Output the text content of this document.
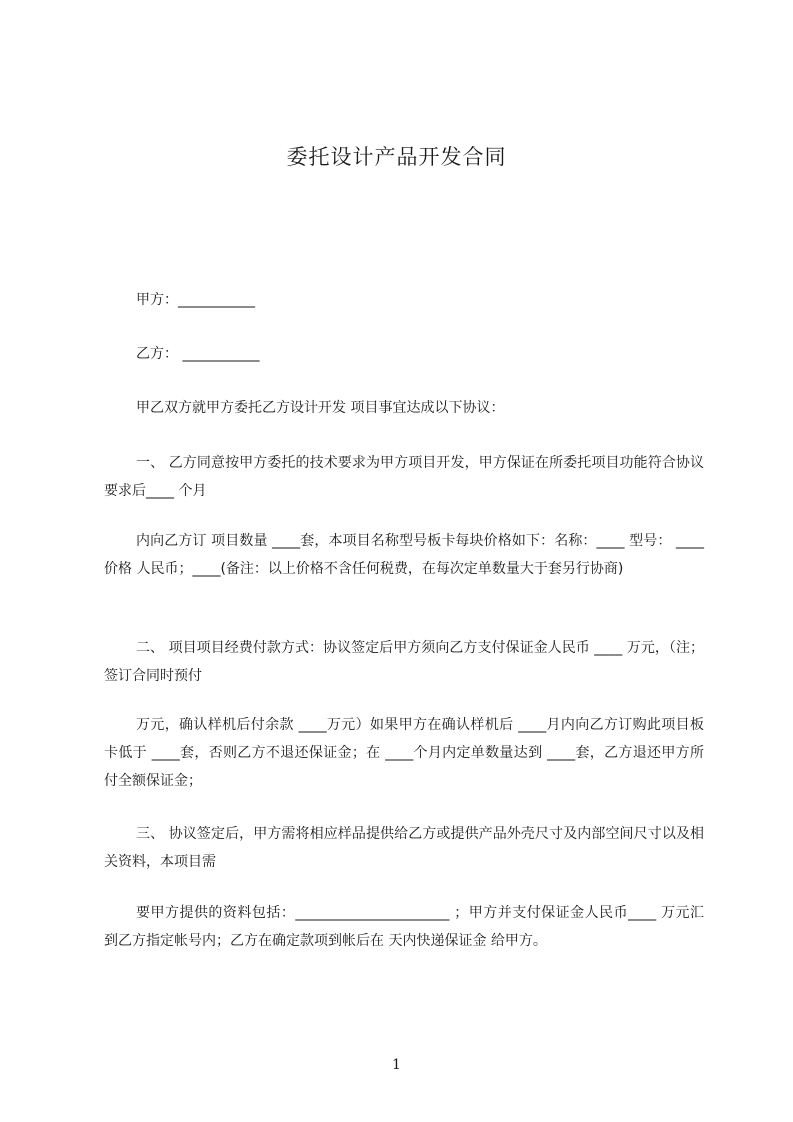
委托设计产品开发合同
甲方：___________
乙方： ___________
甲乙双方就甲方委托乙方设计开发 项目事宜达成以下协议：
一、 乙方同意按甲方委托的技术要求为甲方项目开发，甲方保证在所委托项目功能符合协议要求后____ 个月
内向乙方订 项目数量 ____套，本项目名称型号板卡每块价格如下：名称：____ 型号： ____价格 人民币；____(备注：以上价格不含任何税费，在每次定单数量大于套另行协商)
二、 项目项目经费付款方式：协议签定后甲方须向乙方支付保证金人民币 ____ 万元，（注；签订合同时预付
万元，确认样机后付余款 ____万元）如果甲方在确认样机后 ____月内向乙方订购此项目板卡低于 ____套，否则乙方不退还保证金；在 ____个月内定单数量达到 ____套，乙方退还甲方所付全额保证金；
三、 协议签定后，甲方需将相应样品提供给乙方或提供产品外壳尺寸及内部空间尺寸以及相关资料，本项目需
要甲方提供的资料包括：______________________ ；甲方并支付保证金人民币____ 万元汇到乙方指定帐号内；乙方在确定款项到帐后在 天内快递保证金 给甲方。
1
